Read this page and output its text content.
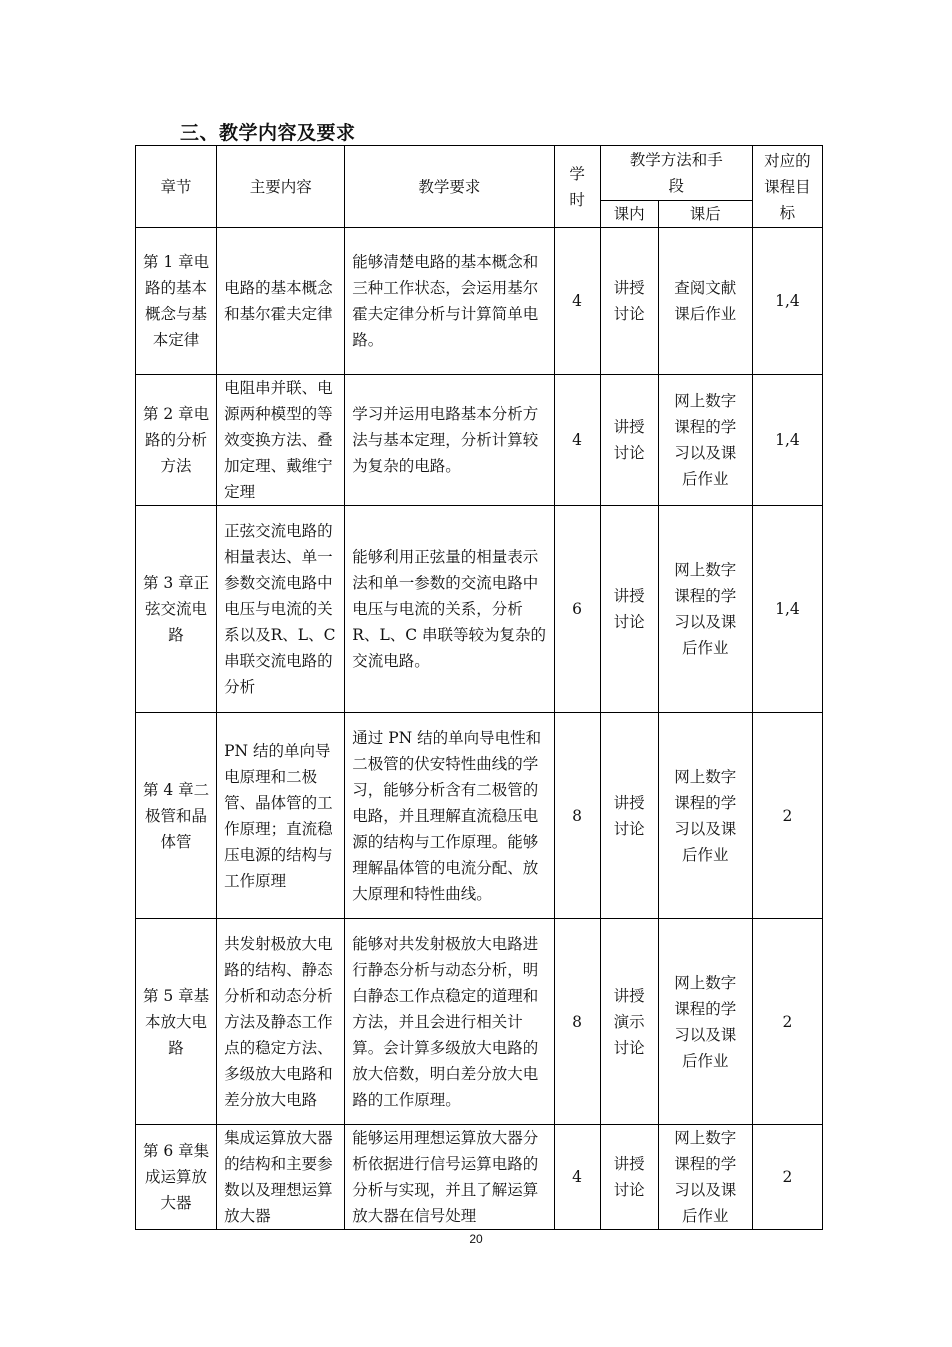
三、教学内容及要求
章节	主要内容	教学要求	学时	教学方法和手段		对应的课程目标
				课内	课后	
第 1 章电路的基本概念与基本定律	电路的基本概念和基尔霍夫定律	能够清楚电路的基本概念和三种工作状态，会运用基尔霍夫定律分析与计算简单电路。	4	讲授讨论	查阅文献课后作业	1,4
第 2 章电路的分析方法	电阻串并联、电源两种模型的等效变换方法、叠加定理、戴维宁定理	学习并运用电路基本分析方法与基本定理，分析计算较为复杂的电路。	4	讲授讨论	网上数字课程的学习以及课后作业	1,4
第 3 章正弦交流电路	正弦交流电路的相量表达、单一参数交流电路中电压与电流的关系以及R、L、C 串联交流电路的分析	能够利用正弦量的相量表示法和单一参数的交流电路中电压与电流的关系，分析 R、L、C 串联等较为复杂的交流电路。	6	讲授讨论	网上数字课程的学习以及课后作业	1,4
第 4 章二极管和晶体管	PN 结的单向导电原理和二极管、晶体管的工作原理；直流稳压电源的结构与工作原理	通过 PN 结的单向导电性和二极管的伏安特性曲线的学习，能够分析含有二极管的电路，并且理解直流稳压电源的结构与工作原理。能够理解晶体管的电流分配、放大原理和特性曲线。	8	讲授讨论	网上数字课程的学习以及课后作业	2
第 5 章基本放大电路	共发射极放大电路的结构、静态分析和动态分析方法及静态工作点的稳定方法、多级放大电路和差分放大电路	能够对共发射极放大电路进行静态分析与动态分析，明白静态工作点稳定的道理和方法，并且会进行相关计算。会计算多级放大电路的放大倍数，明白差分放大电路的工作原理。	8	讲授演示讨论	网上数字课程的学习以及课后作业	2
第 6 章集成运算放大器	集成运算放大器的结构和主要参数以及理想运算放大器	能够运用理想运算放大器分析依据进行信号运算电路的分析与实现，并且了解运算放大器在信号处理	4	讲授讨论	网上数字课程的学习以及课后作业	2
20
